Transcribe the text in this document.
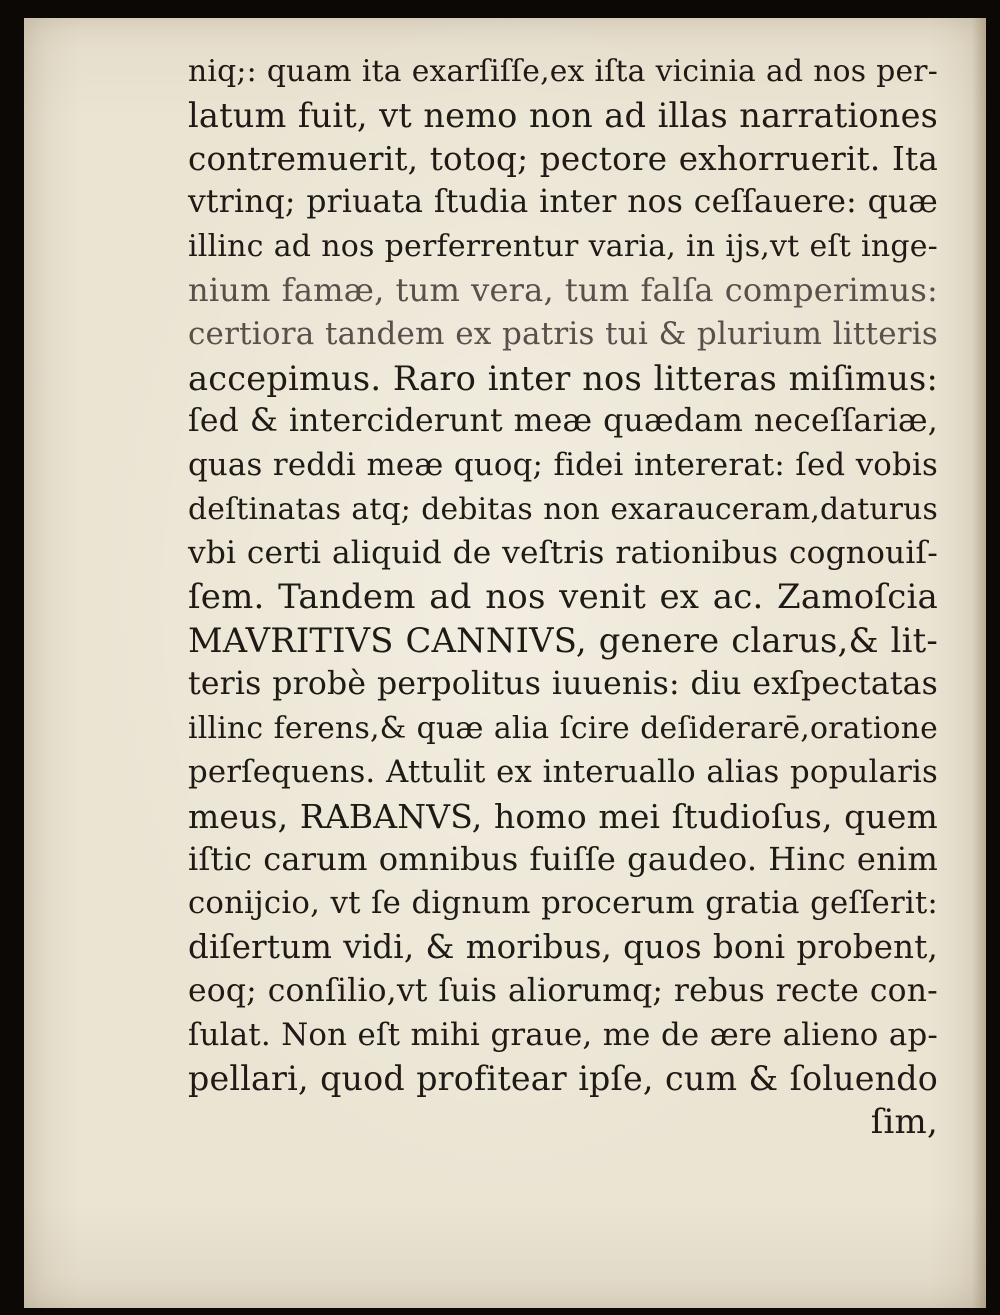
niq;: quam ita exarſiſſe,ex iſta vicinia ad nos per-
latum fuit, vt nemo non ad illas narrationes
contremuerit, totoq; pectore exhorruerit. Ita
vtrinq; priuata ſtudia inter nos ceſſauere: quæ
illinc ad nos perferrentur varia, in ijs,vt eſt inge-
nium famæ, tum vera, tum falſa comperimus:
certiora tandem ex patris tui & plurium litteris
accepimus. Raro inter nos litteras miſimus:
ſed & interciderunt meæ quædam neceſſariæ,
quas reddi meæ quoq; fidei intererat: ſed vobis
deſtinatas atq; debitas non exarauceram,daturus
vbi certi aliquid de veſtris rationibus cognouiſ-
ſem. Tandem ad nos venit ex ac. Zamoſcia
MAVRITIVS CANNIVS, genere clarus,& lit-
teris probè perpolitus iuuenis: diu exſpectatas
illinc ferens,& quæ alia ſcire deſiderarē,oratione
perſequens. Attulit ex interuallo alias popularis
meus, RABANVS, homo mei ſtudioſus, quem
iſtic carum omnibus fuiſſe gaudeo. Hinc enim
conijcio, vt ſe dignum procerum gratia geſſerit:
diſertum vidi, & moribus, quos boni probent,
eoq; conſilio,vt ſuis aliorumq; rebus recte con-
ſulat. Non eſt mihi graue, me de ære alieno ap-
pellari, quod profitear ipſe, cum & ſoluendo
ſim,
